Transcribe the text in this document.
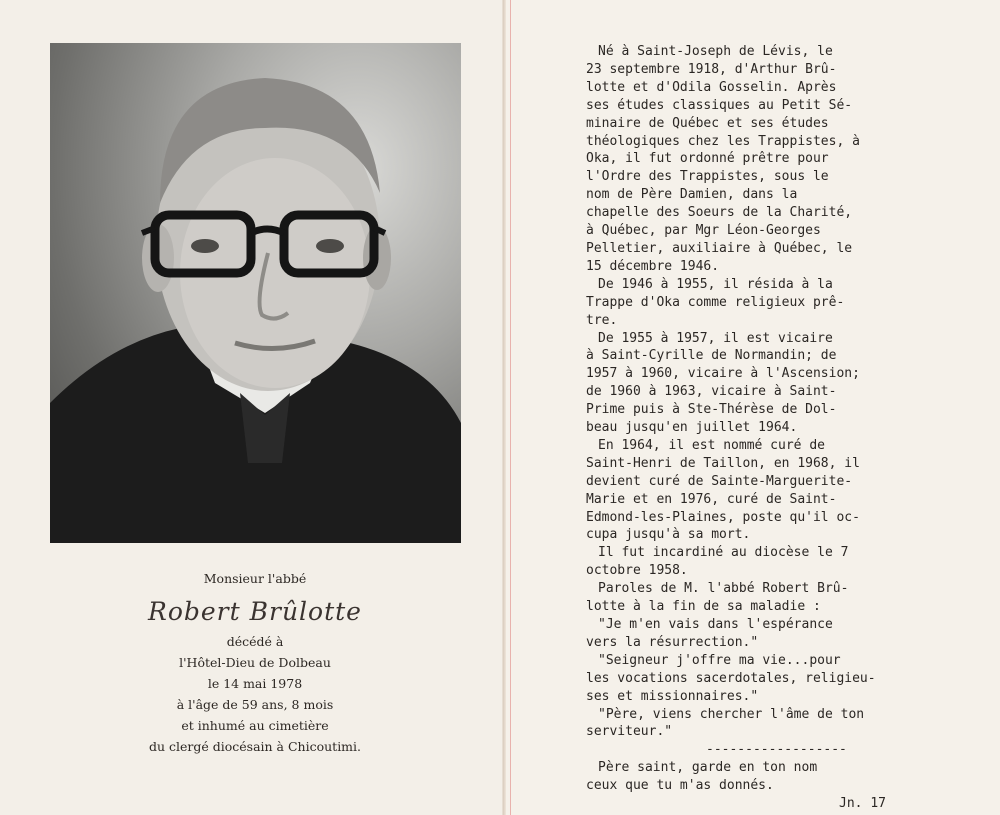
Monsieur l'abbé
Robert Brûlotte
décédé à
l'Hôtel-Dieu de Dolbeau
le 14 mai 1978
à l'âge de 59 ans, 8 mois
et inhumé au cimetière
du clergé diocésain à Chicoutimi.
Né à Saint-Joseph de Lévis, le
23 septembre 1918, d'Arthur Brû-
lotte et d'Odila Gosselin. Après
ses études classiques au Petit Sé-
minaire de Québec et ses études
théologiques chez les Trappistes, à
Oka, il fut ordonné prêtre pour
l'Ordre des Trappistes, sous le
nom de Père Damien, dans la
chapelle des Soeurs de la Charité,
à Québec, par Mgr Léon-Georges
Pelletier, auxiliaire à Québec, le
15 décembre 1946.
De 1946 à 1955, il résida à la
Trappe d'Oka comme religieux prê-
tre.
De 1955 à 1957, il est vicaire
à Saint-Cyrille de Normandin; de
1957 à 1960, vicaire à l'Ascension;
de 1960 à 1963, vicaire à Saint-
Prime puis à Ste-Thérèse de Dol-
beau jusqu'en juillet 1964.
En 1964, il est nommé curé de
Saint-Henri de Taillon, en 1968, il
devient curé de Sainte-Marguerite-
Marie et en 1976, curé de Saint-
Edmond-les-Plaines, poste qu'il oc-
cupa jusqu'à sa mort.
Il fut incardiné au diocèse le 7
octobre 1958.
Paroles de M. l'abbé Robert Brû-
lotte à la fin de sa maladie :
"Je m'en vais dans l'espérance
vers la résurrection."
"Seigneur j'offre ma vie...pour
les vocations sacerdotales, religieu-
ses et missionnaires."
"Père, viens chercher l'âme de ton
serviteur."
------------------
Père saint, garde en ton nom
ceux que tu m'as donnés.
Jn. 17
